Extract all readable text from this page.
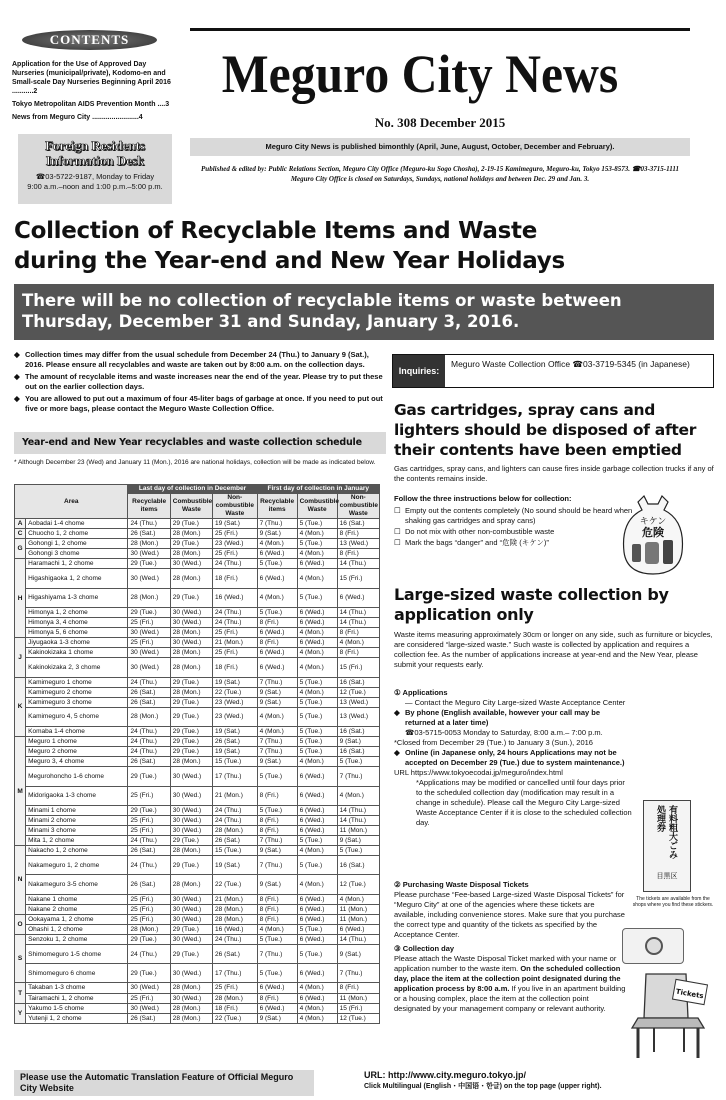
CONTENTS
Application for the Use of Approved Day Nurseries (municipal/private), Kodomo-en and Small-scale Day Nurseries Beginning April 2016 ...........2
Tokyo Metropolitan AIDS Prevention Month ....3
News from Meguro City ........................4
Foreign Residents
Information Desk
☎03-5722-9187, Monday to Friday
9:00 a.m.–noon and 1:00 p.m.–5:00 p.m.
Meguro City News
No. 308 December 2015
Meguro City News is published bimonthly (April, June, August, October, December and February).
Published & edited by: Public Relations Section, Meguro City Office (Meguro-ku Sogo Chosha), 2-19-15 Kamimeguro, Meguro-ku, Tokyo 153-8573. ☎03-3715-1111
Meguro City Office is closed on Saturdays, Sundays, national holidays and between Dec. 29 and Jan. 3.
Collection of Recyclable Items and Waste
during the Year-end and New Year Holidays
There will be no collection of recyclable items or waste between Thursday, December 31 and Sunday, January 3, 2016.
◆ Collection times may differ from the usual schedule from December 24 (Thu.) to January 9 (Sat.), 2016. Please ensure all recyclables and waste are taken out by 8:00 a.m. on the collection days.
◆ The amount of recyclable items and waste increases near the end of the year. Please try to put these out on the earlier collection days.
◆ You are allowed to put out a maximum of four 45-liter bags of garbage at once. If you need to put out five or more bags, please contact the Meguro Waste Collection Office.
Year-end and New Year recyclables and waste collection schedule
* Although December 23 (Wed) and January 11 (Mon.), 2016 are national holidays, collection will be made as indicated below.
Area		Last day of collection in December			First day of collection in January		
		Recyclable items	Combustible Waste	Non-combustible Waste	Recyclable items	Combustible Waste	Non-combustible Waste
A	Aobadai 1-4 chome	24 (Thu.)	29 (Tue.)	19 (Sat.)	7 (Thu.)	5 (Tue.)	16 (Sat.)
C	Chuocho 1, 2 chome	26 (Sat.)	28 (Mon.)	25 (Fri.)	9 (Sat.)	4 (Mon.)	8 (Fri.)
G	Gohongi 1, 2 chome	28 (Mon.)	29 (Tue.)	23 (Wed.)	4 (Mon.)	5 (Tue.)	13 (Wed.)
	Gohongi 3 chome	30 (Wed.)	28 (Mon.)	25 (Fri.)	6 (Wed.)	4 (Mon.)	8 (Fri.)
H	Haramachi 1, 2 chome	29 (Tue.)	30 (Wed.)	24 (Thu.)	5 (Tue.)	6 (Wed.)	14 (Thu.)
	Higashigaoka 1, 2 chome	30 (Wed.)	28 (Mon.)	18 (Fri.)	6 (Wed.)	4 (Mon.)	15 (Fri.)
	Higashiyama 1-3 chome	28 (Mon.)	29 (Tue.)	16 (Wed.)	4 (Mon.)	5 (Tue.)	6 (Wed.)
	Himonya 1, 2 chome	29 (Tue.)	30 (Wed.)	24 (Thu.)	5 (Tue.)	6 (Wed.)	14 (Thu.)
	Himonya 3, 4 chome	25 (Fri.)	30 (Wed.)	24 (Thu.)	8 (Fri.)	6 (Wed.)	14 (Thu.)
	Himonya 5, 6 chome	30 (Wed.)	28 (Mon.)	25 (Fri.)	6 (Wed.)	4 (Mon.)	8 (Fri.)
J	Jiyugaoka 1-3 chome	25 (Fri.)	30 (Wed.)	21 (Mon.)	8 (Fri.)	6 (Wed.)	4 (Mon.)
	Kakinokizaka 1 chome	30 (Wed.)	28 (Mon.)	25 (Fri.)	6 (Wed.)	4 (Mon.)	8 (Fri.)
	Kakinokizaka 2, 3 chome	30 (Wed.)	28 (Mon.)	18 (Fri.)	6 (Wed.)	4 (Mon.)	15 (Fri.)
K	Kamimeguro 1 chome	24 (Thu.)	29 (Tue.)	19 (Sat.)	7 (Thu.)	5 (Tue.)	16 (Sat.)
	Kamimeguro 2 chome	26 (Sat.)	28 (Mon.)	22 (Tue.)	9 (Sat.)	4 (Mon.)	12 (Tue.)
	Kamimeguro 3 chome	26 (Sat.)	29 (Tue.)	23 (Wed.)	9 (Sat.)	5 (Tue.)	13 (Wed.)
	Kamimeguro 4, 5 chome	28 (Mon.)	29 (Tue.)	23 (Wed.)	4 (Mon.)	5 (Tue.)	13 (Wed.)
	Komaba 1-4 chome	24 (Thu.)	29 (Tue.)	19 (Sat.)	4 (Mon.)	5 (Tue.)	16 (Sat.)
M	Meguro 1 chome	24 (Thu.)	29 (Tue.)	26 (Sat.)	7 (Thu.)	5 (Tue.)	9 (Sat.)
	Meguro 2 chome	24 (Thu.)	29 (Tue.)	19 (Sat.)	7 (Thu.)	5 (Tue.)	16 (Sat.)
	Meguro 3, 4 chome	26 (Sat.)	28 (Mon.)	15 (Tue.)	9 (Sat.)	4 (Mon.)	5 (Tue.)
	Megurohoncho 1-6 chome	29 (Tue.)	30 (Wed.)	17 (Thu.)	5 (Tue.)	6 (Wed.)	7 (Thu.)
	Midorigaoka 1-3 chome	25 (Fri.)	30 (Wed.)	21 (Mon.)	8 (Fri.)	6 (Wed.)	4 (Mon.)
	Minami 1 chome	29 (Tue.)	30 (Wed.)	24 (Thu.)	5 (Tue.)	6 (Wed.)	14 (Thu.)
	Minami 2 chome	25 (Fri.)	30 (Wed.)	24 (Thu.)	8 (Fri.)	6 (Wed.)	14 (Thu.)
	Minami 3 chome	25 (Fri.)	30 (Wed.)	28 (Mon.)	8 (Fri.)	6 (Wed.)	11 (Mon.)
	Mita 1, 2 chome	24 (Thu.)	29 (Tue.)	26 (Sat.)	7 (Thu.)	5 (Tue.)	9 (Sat.)
N	Nakacho 1, 2 chome	26 (Sat.)	28 (Mon.)	15 (Tue.)	9 (Sat.)	4 (Mon.)	5 (Tue.)
	Nakameguro 1, 2 chome	24 (Thu.)	29 (Tue.)	19 (Sat.)	7 (Thu.)	5 (Tue.)	16 (Sat.)
	Nakameguro 3-5 chome	26 (Sat.)	28 (Mon.)	22 (Tue.)	9 (Sat.)	4 (Mon.)	12 (Tue.)
	Nakane 1 chome	25 (Fri.)	30 (Wed.)	21 (Mon.)	8 (Fri.)	6 (Wed.)	4 (Mon.)
	Nakane 2 chome	25 (Fri.)	30 (Wed.)	28 (Mon.)	8 (Fri.)	6 (Wed.)	11 (Mon.)
O	Ookayama 1, 2 chome	25 (Fri.)	30 (Wed.)	28 (Mon.)	8 (Fri.)	6 (Wed.)	11 (Mon.)
	Ohashi 1, 2 chome	28 (Mon.)	29 (Tue.)	16 (Wed.)	4 (Mon.)	5 (Tue.)	6 (Wed.)
S	Senzoku 1, 2 chome	29 (Tue.)	30 (Wed.)	24 (Thu.)	5 (Tue.)	6 (Wed.)	14 (Thu.)
	Shimomeguro 1-5 chome	24 (Thu.)	29 (Tue.)	26 (Sat.)	7 (Thu.)	5 (Tue.)	9 (Sat.)
	Shimomeguro 6 chome	29 (Tue.)	30 (Wed.)	17 (Thu.)	5 (Tue.)	6 (Wed.)	7 (Thu.)
T	Takaban 1-3 chome	30 (Wed.)	28 (Mon.)	25 (Fri.)	6 (Wed.)	4 (Mon.)	8 (Fri.)
	Tairamachi 1, 2 chome	25 (Fri.)	30 (Wed.)	28 (Mon.)	8 (Fri.)	6 (Wed.)	11 (Mon.)
Y	Yakumo 1-5 chome	30 (Wed.)	28 (Mon.)	18 (Fri.)	6 (Wed.)	4 (Mon.)	15 (Fri.)
	Yutenji 1, 2 chome	26 (Sat.)	28 (Mon.)	22 (Tue.)	9 (Sat.)	4 (Mon.)	12 (Tue.)
Inquiries:
Meguro Waste Collection Office ☎03-3719-5345 (in Japanese)
Gas cartridges, spray cans and lighters should be disposed of after their contents have been emptied
Gas cartridges, spray cans, and lighters can cause fires inside garbage collection trucks if any of the contents remains inside.
Follow the three instructions below for collection:
☐ Empty out the contents completely (No sound should be heard when shaking gas cartridges and spray cans)
☐ Do not mix with other non-combustible waste
☐ Mark the bags “danger” and “危険 (キケン)”
キケン
危険
Large-sized waste collection by application only
Waste items measuring approximately 30cm or longer on any side, such as furniture or bicycles, are considered “large-sized waste.” Such waste is collected by application and requires a collection fee. As the number of applications increase at year-end and the New Year, please submit your requests early.
① Applications
— Contact the Meguro City Large-sized Waste Acceptance Center
◆ By phone (English available, however your call may be returned at a later time)
☎03-5715-0053 Monday to Saturday, 8:00 a.m.– 7:00 p.m.
*Closed from December 29 (Tue.) to January 3 (Sun.), 2016
◆ Online (in Japanese only, 24 hours Applications may not be accepted on December 29 (Tue.) due to system maintenance.)
URL https://www.tokyoecodai.jp/meguro/index.html
*Applications may be modified or cancelled until four days prior to the scheduled collection day (modification may result in a change in schedule). Please call the Meguro City Large-sized Waste Acceptance Center if it is close to the scheduled collection day.	有料粗大ごみ処理券
目黒区
The tickets are available from the shops where you find these stickers.
② Purchasing Waste Disposal Tickets
Please purchase “Fee-based Large-sized Waste Disposal Tickets” for “Meguro City” at one of the agencies where these tickets are available, including convenience stores. Make sure that you purchase the correct type and quantity of the tickets as specified by the Acceptance Center.
③ Collection day
Please attach the Waste Disposal Ticket marked with your name or application number to the waste item. On the scheduled collection day, place the item at the collection point designated during the application process by 8:00 a.m. If you live in an apartment building or a housing complex, place the item at the collection point designated by your management company or relevant authority.
Tickets
Please use the Automatic Translation Feature of Official Meguro City Website
URL: http://www.city.meguro.tokyo.jp/
Click Multilingual (English・中国语・한글) on the top page (upper right).
